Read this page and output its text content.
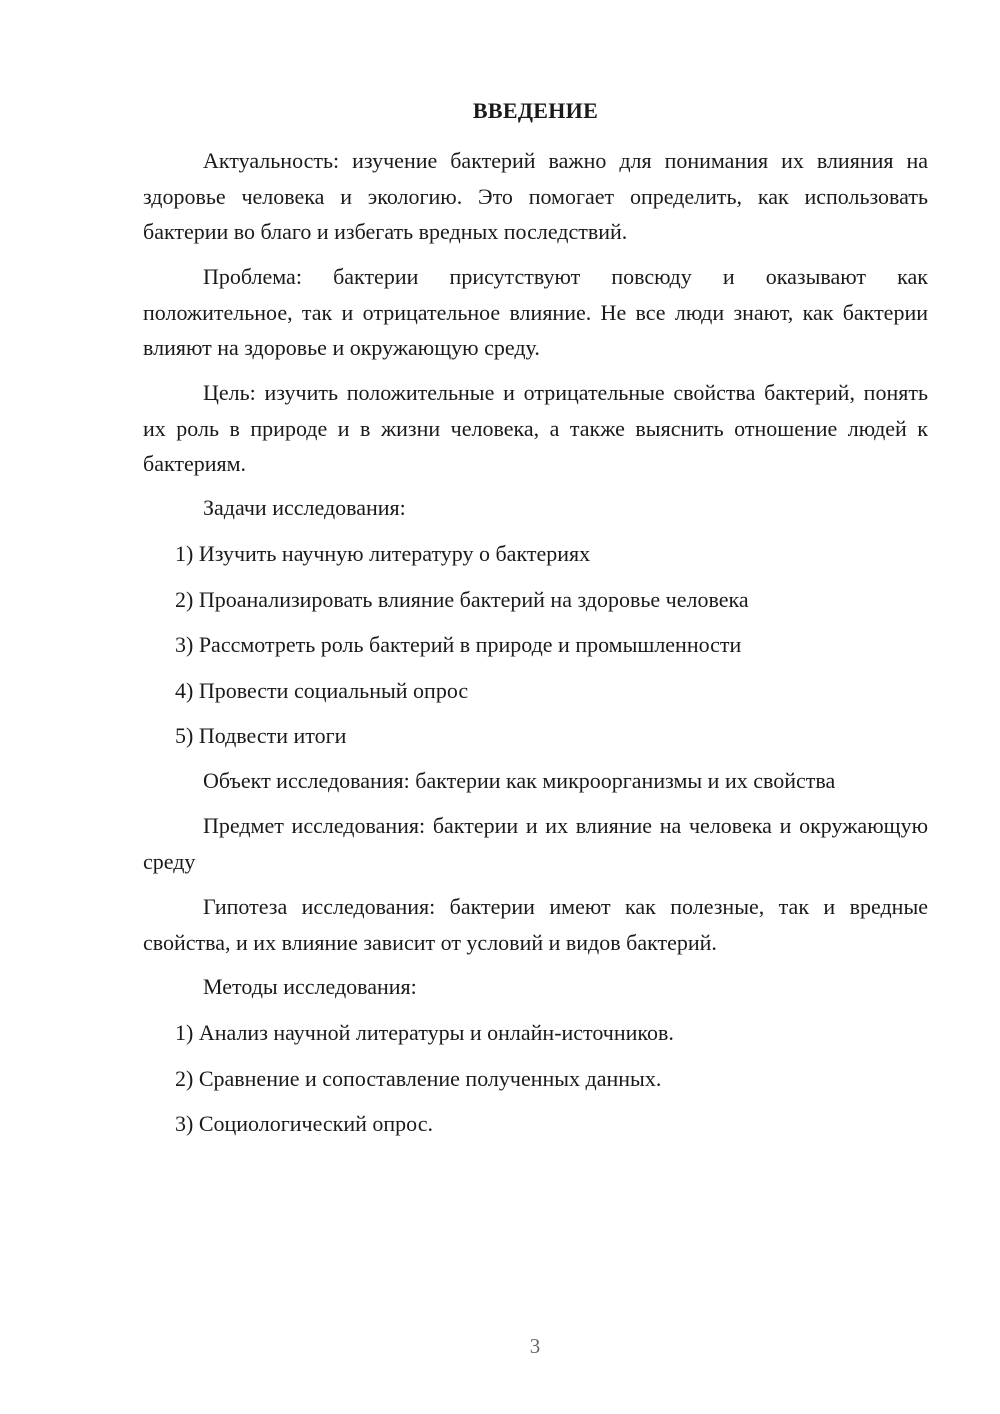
ВВЕДЕНИЕ

Актуальность: изучение бактерий важно для понимания их влияния на здоровье человека и экологию. Это помогает определить, как использовать бактерии во благо и избегать вредных последствий.

Проблема: бактерии присутствуют повсюду и оказывают как положительное, так и отрицательное влияние. Не все люди знают, как бактерии влияют на здоровье и окружающую среду.

Цель: изучить положительные и отрицательные свойства бактерий, понять их роль в природе и в жизни человека, а также выяснить отношение людей к бактериям.

Задачи исследования:

1) Изучить научную литературу о бактериях

2) Проанализировать влияние бактерий на здоровье человека

3) Рассмотреть роль бактерий в природе и промышленности

4) Провести социальный опрос

5) Подвести итоги

Объект исследования: бактерии как микроорганизмы и их свойства

Предмет исследования: бактерии и их влияние на человека и окружающую среду

Гипотеза исследования: бактерии имеют как полезные, так и вредные свойства, и их влияние зависит от условий и видов бактерий.

Методы исследования:

1) Анализ научной литературы и онлайн-источников.

2) Сравнение и сопоставление полученных данных.

3) Социологический опрос.

3
